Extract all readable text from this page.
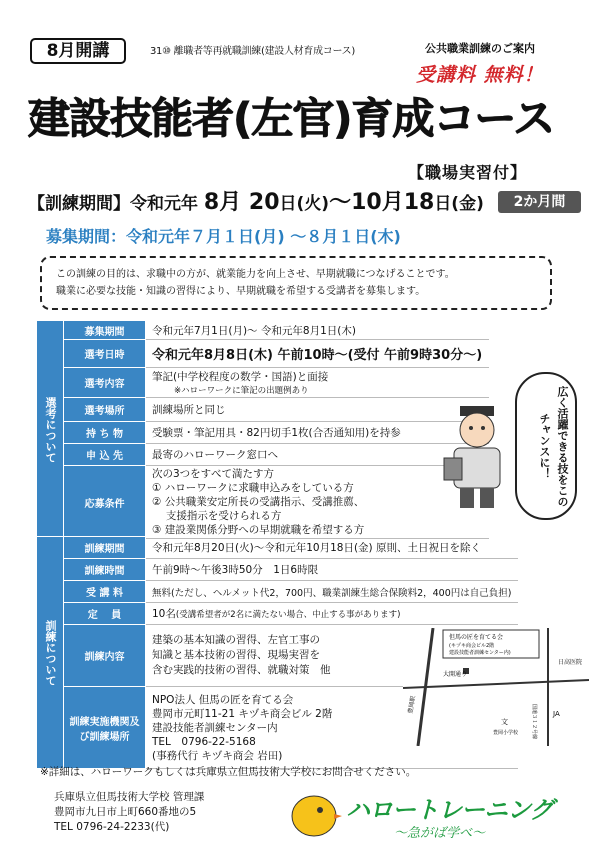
8月開講	31⑩ 離職者等再就職訓練(建設人材育成コース)	公共職業訓練のご案内
受講料 無料！
建設技能者(左官)育成コース
【職場実習付】
【訓練期間】令和元年 8月 20日(火)～10月18日(金)	2か月間
募集期間：令和元年７月１日(月) ～８月１日(木)
この訓練の目的は、求職中の方が、就業能力を向上させ、早期就職につなげることです。
職業に必要な技能・知識の習得により、早期就職を希望する受講者を募集します。
選考について	募集期間	令和元年7月1日(月)～ 令和元年8月1日(木)
	選考日時	令和元年8月8日(木) 午前10時～(受付 午前9時30分～)
	選考内容	筆記(中学校程度の数学・国語)と面接
※ハローワークに筆記の出題例あり

	選考場所	訓練場所と同じ
	持 ち 物	受験票・筆記用具・82円切手1枚(合否通知用)を持参
	申 込 先	最寄のハローワーク窓口へ
	応募条件	次の3つをすべて満たす方
① ハローワークに求職申込みをしている方
② 公共職業安定所長の受講指示、受講推薦、
　 支援指示を受けられる方
③ 建設業関係分野への早期就職を希望する方
広く活躍できる技をこのチャンスに！
訓練について	訓練期間	令和元年8月20日(火)～令和元年10月18日(金) 原則、土日祝日を除く
	訓練時間	午前9時～午後3時50分　1日6時限
	受 講 料	無料(ただし、ヘルメット代2，700円、職業訓練生総合保険料2，400円は自己負担)
	定　 員	10名(受講希望者が2名に満たない場合、中止する事があります)
	訓練内容	建築の基本知識の習得、左官工事の
知識と基本技術の習得、現場実習を
含む実践的技術の習得、就職対策　他

	訓練実施機関及び訓練場所	NPO法人 但馬の匠を育てる会
豊岡市元町11-21 キヅキ商会ビル 2階
建設技能者訓練センター内
TEL　0796-22-5168
(事務代行 キヅキ商会 岩田)
但馬の匠を育てる会
(キヅキ商会ビル2階
建設技能者訓練センター内)
大開通り
豊岡駅	JA
日高医院
文
豊岡小学校	国道３１２号線
※詳細は、ハローワークもしくは兵庫県立但馬技術大学校にお問合せください。
兵庫県立但馬技術大学校 管理課
豊岡市九日市上町660番地の5
TEL 0796-24-2233(代)
ハロートレーニング
～急がば学べ～
